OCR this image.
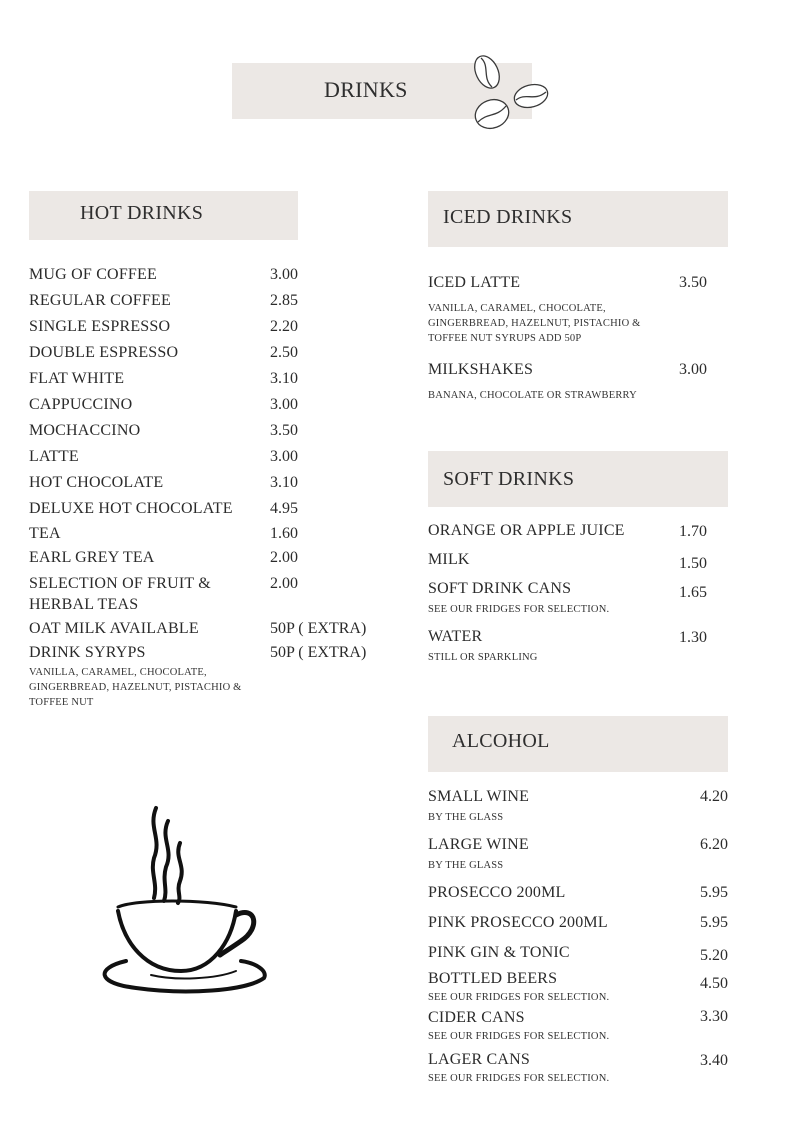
DRINKS
HOT DRINKS
MUG OF COFFEE	3.00
REGULAR COFFEE	2.85
SINGLE ESPRESSO	2.20
DOUBLE ESPRESSO	2.50
FLAT WHITE	3.10
CAPPUCCINO	3.00
MOCHACCINO	3.50
LATTE	3.00
HOT CHOCOLATE	3.10
DELUXE HOT CHOCOLATE 4.95
TEA	1.60
EARL GREY TEA	2.00
SELECTION OF FRUIT &	2.00
HERBAL TEAS
OAT MILK AVAILABLE	50P ( EXTRA)
DRINK SYRYPS	50P ( EXTRA)
VANILLA, CARAMEL, CHOCOLATE,
GINGERBREAD, HAZELNUT, PISTACHIO &
TOFFEE NUT
ICED DRINKS
ICED LATTE	3.50
VANILLA, CARAMEL, CHOCOLATE,
GINGERBREAD, HAZELNUT, PISTACHIO &
TOFFEE NUT SYRUPS ADD 50P
MILKSHAKES	3.00
BANANA, CHOCOLATE OR STRAWBERRY
SOFT DRINKS
ORANGE OR APPLE JUICE	1.70
MILK	1.50
SOFT DRINK CANS	1.65
SEE OUR FRIDGES FOR SELECTION.
WATER	1.30
STILL OR SPARKLING
ALCOHOL
SMALL WINE	4.20
BY THE GLASS
LARGE WINE	6.20
BY THE GLASS
PROSECCO 200ML	5.95
PINK PROSECCO 200ML	5.95
PINK GIN & TONIC	5.20
BOTTLED BEERS	4.50
SEE OUR FRIDGES FOR SELECTION.
CIDER CANS	3.30
SEE OUR FRIDGES FOR SELECTION.
LAGER CANS	3.40
SEE OUR FRIDGES FOR SELECTION.
